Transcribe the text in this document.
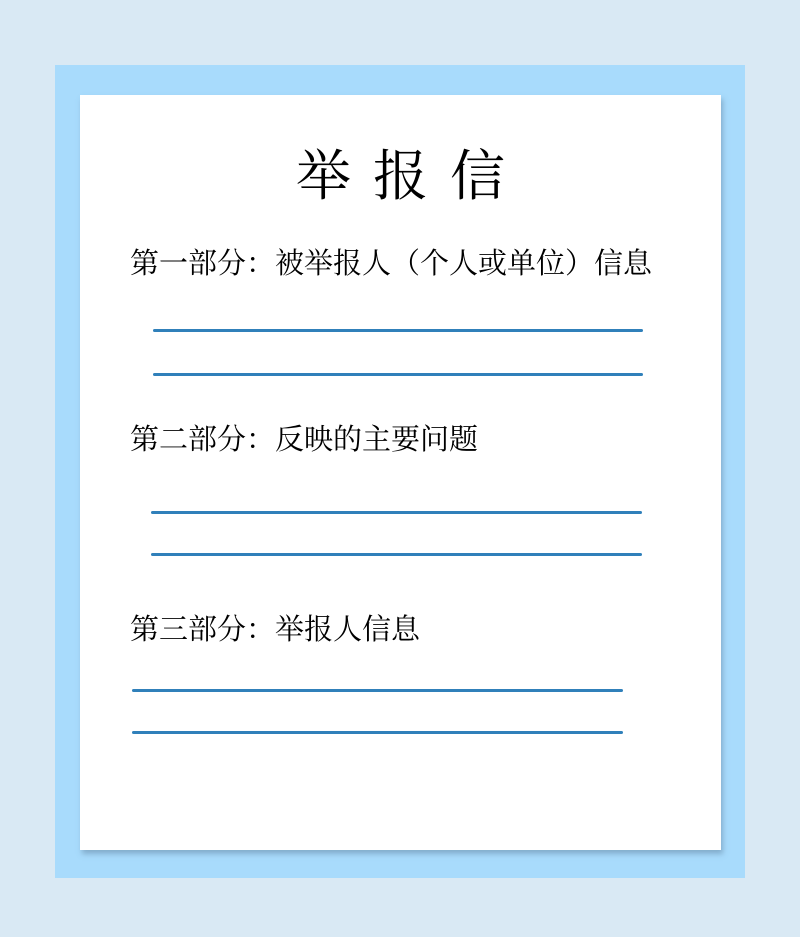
举报信

第一部分：被举报人（个人或单位）信息

第二部分：反映的主要问题

第三部分：举报人信息
